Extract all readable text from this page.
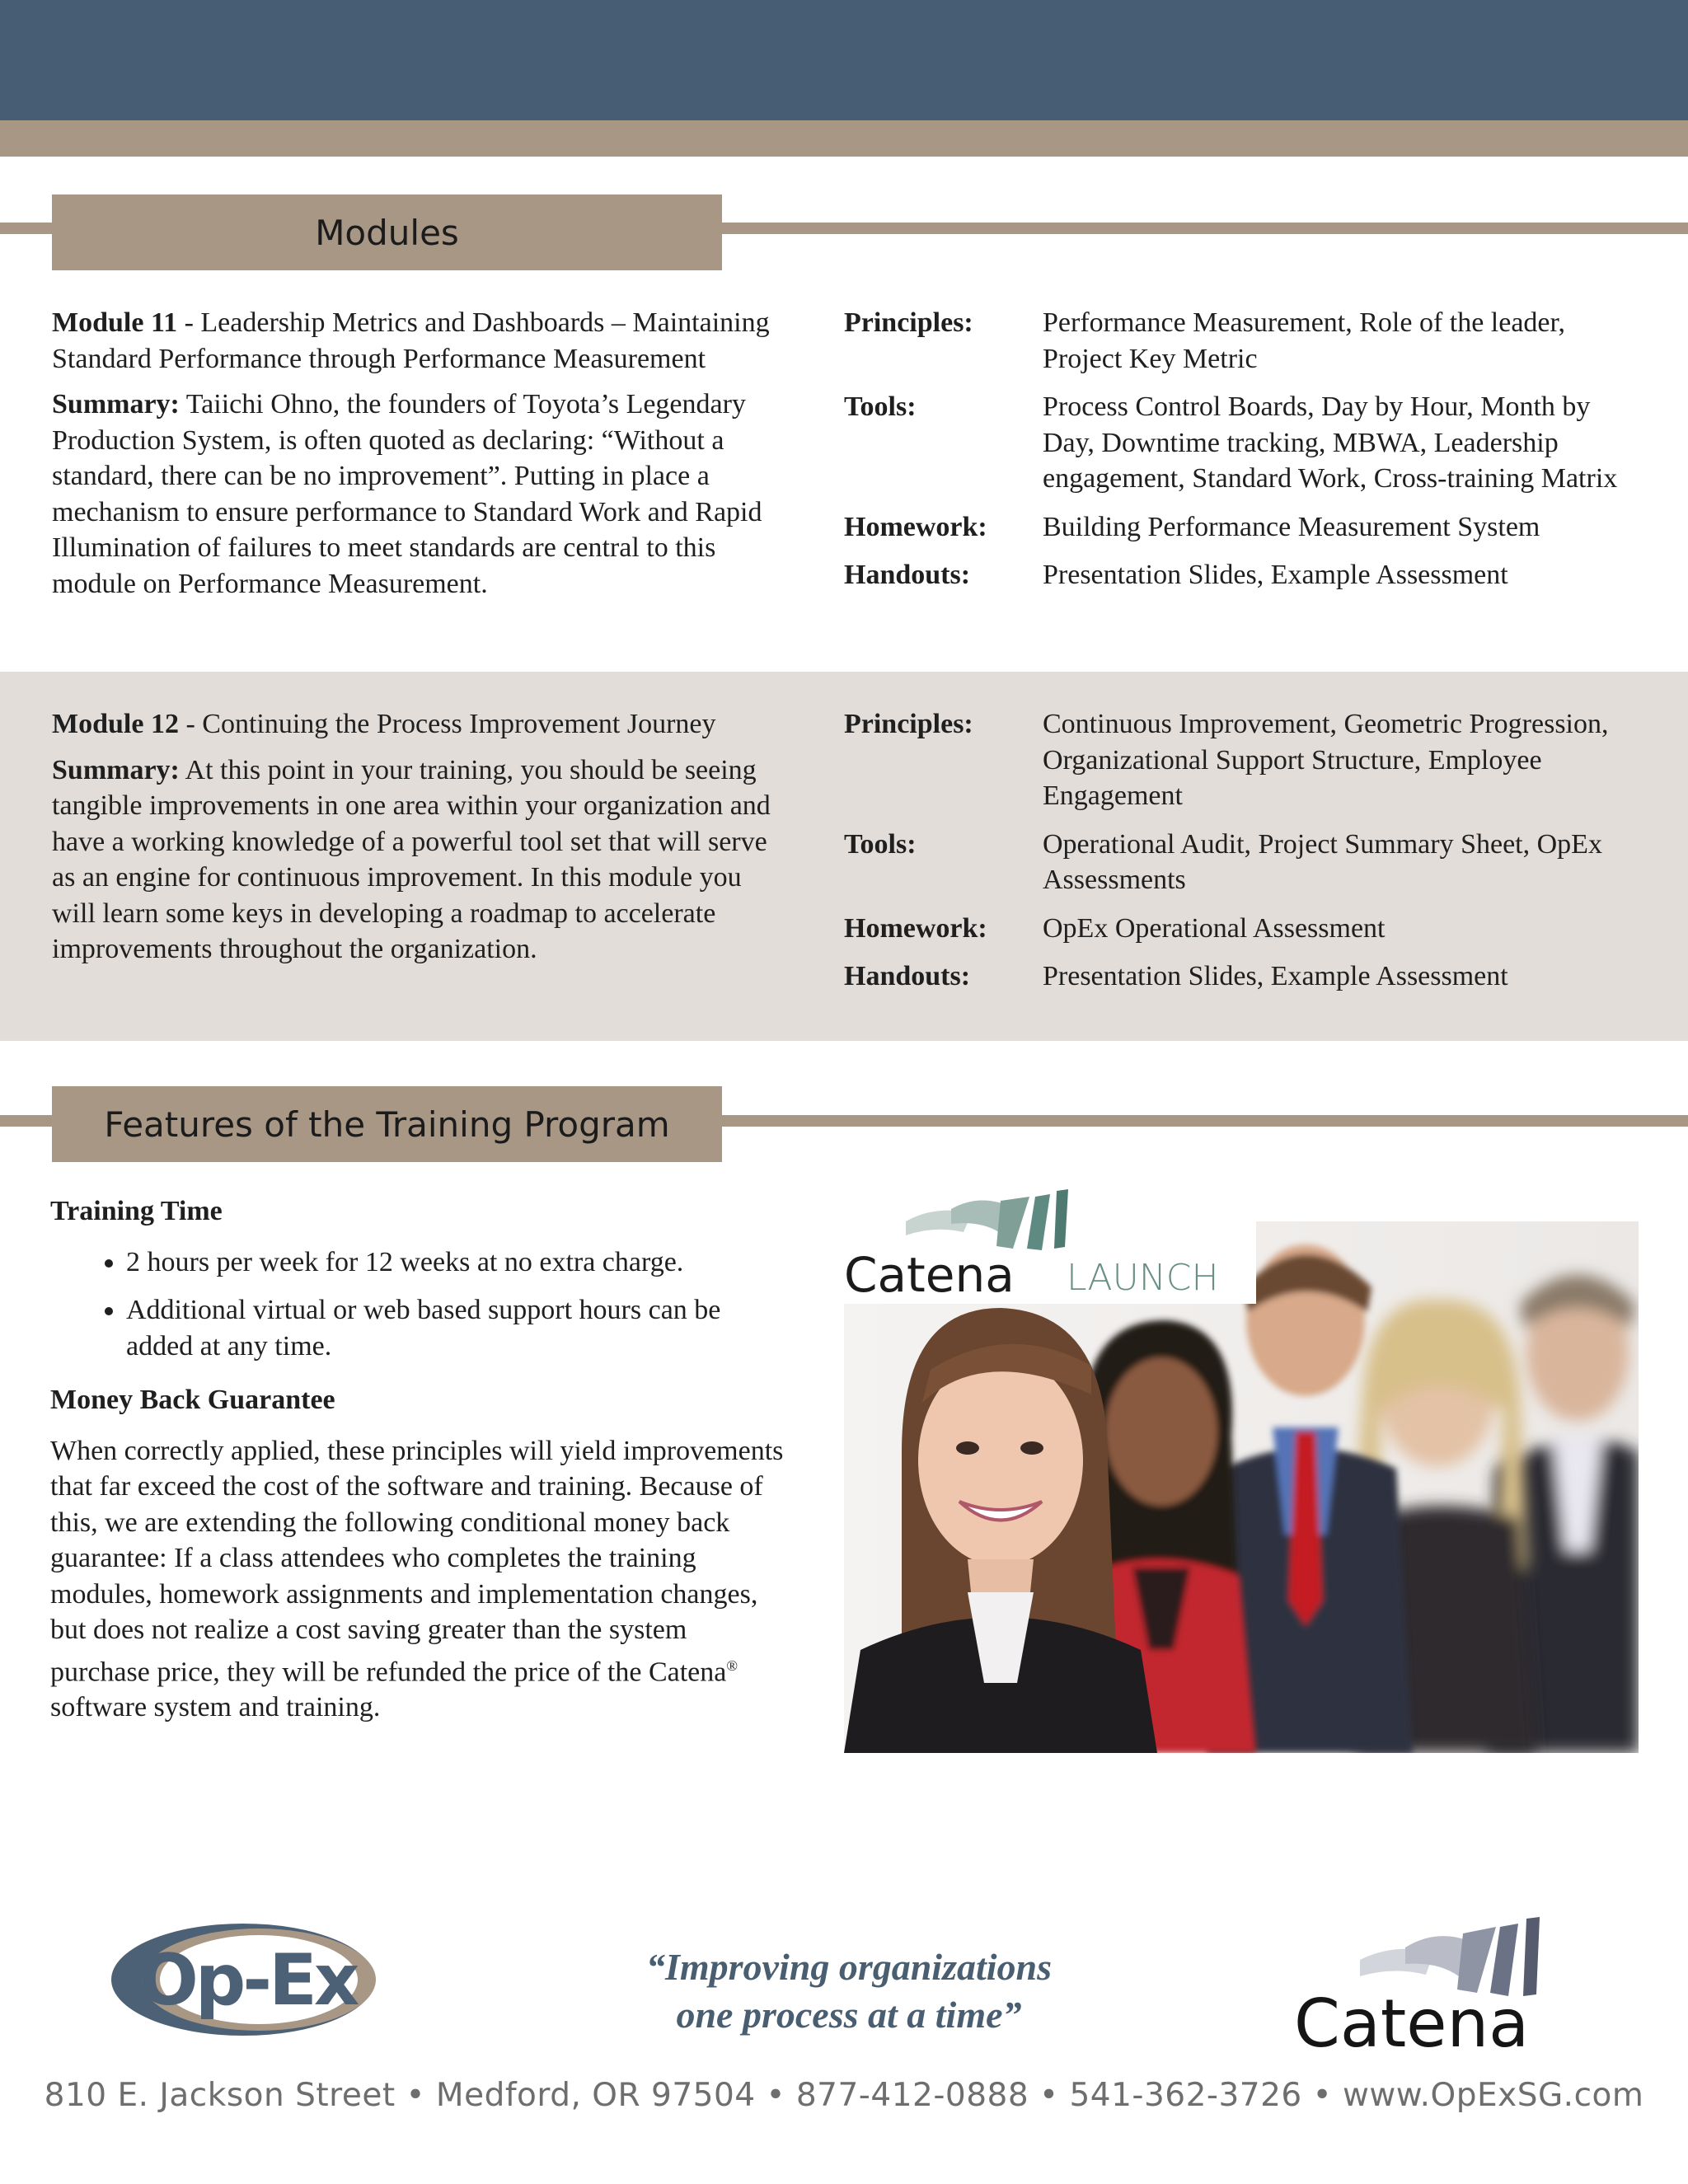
Modules

Module 11 - Leadership Metrics and Dashboards – Maintaining Standard Performance through Performance Measurement

Summary: Taiichi Ohno, the founders of Toyota’s Legendary Production System, is often quoted as declaring: “Without a standard, there can be no improvement”. Putting in place a mechanism to ensure performance to Standard Work and Rapid Illumination of failures to meet standards are central to this module on Performance Measurement.

Principles:	Performance Measurement, Role of the leader, Project Key Metric
Tools:	Process Control Boards, Day by Hour, Month by Day, Downtime tracking, MBWA, Leadership engagement, Standard Work, Cross-training Matrix
Homework:	Building Performance Measurement System
Handouts:	Presentation Slides, Example Assessment

Module 12 - Continuing the Process Improvement Journey

Summary: At this point in your training, you should be seeing tangible improvements in one area within your organization and have a working knowledge of a powerful tool set that will serve as an engine for continuous improvement. In this module you will learn some keys in developing a roadmap to accelerate improvements throughout the organization.

Principles:	Continuous Improvement, Geometric Progression, Organizational Support Structure, Employee Engagement
Tools:	Operational Audit, Project Summary Sheet, OpEx Assessments
Homework:	OpEx Operational Assessment
Handouts:	Presentation Slides, Example Assessment
Features of the Training Program
Training Time
• 2 hours per week for 12 weeks at no extra charge.
• Additional virtual or web based support hours can be added at any time.
Money Back Guarantee

When correctly applied, these principles will yield improvements that far exceed the cost of the software and training. Because of this, we are extending the following conditional money back guarantee: If a class attendees who completes the training modules, homework assignments and implementation changes, but does not realize a cost saving greater than the system purchase price, they will be refunded the price of the Catena® software system and training.

Catena LAUNCH
Op-Ex	“Improving organizations
one process at a time”	Catena
810 E. Jackson Street • Medford, OR 97504 • 877-412-0888 • 541-362-3726 • www.OpExSG.com
